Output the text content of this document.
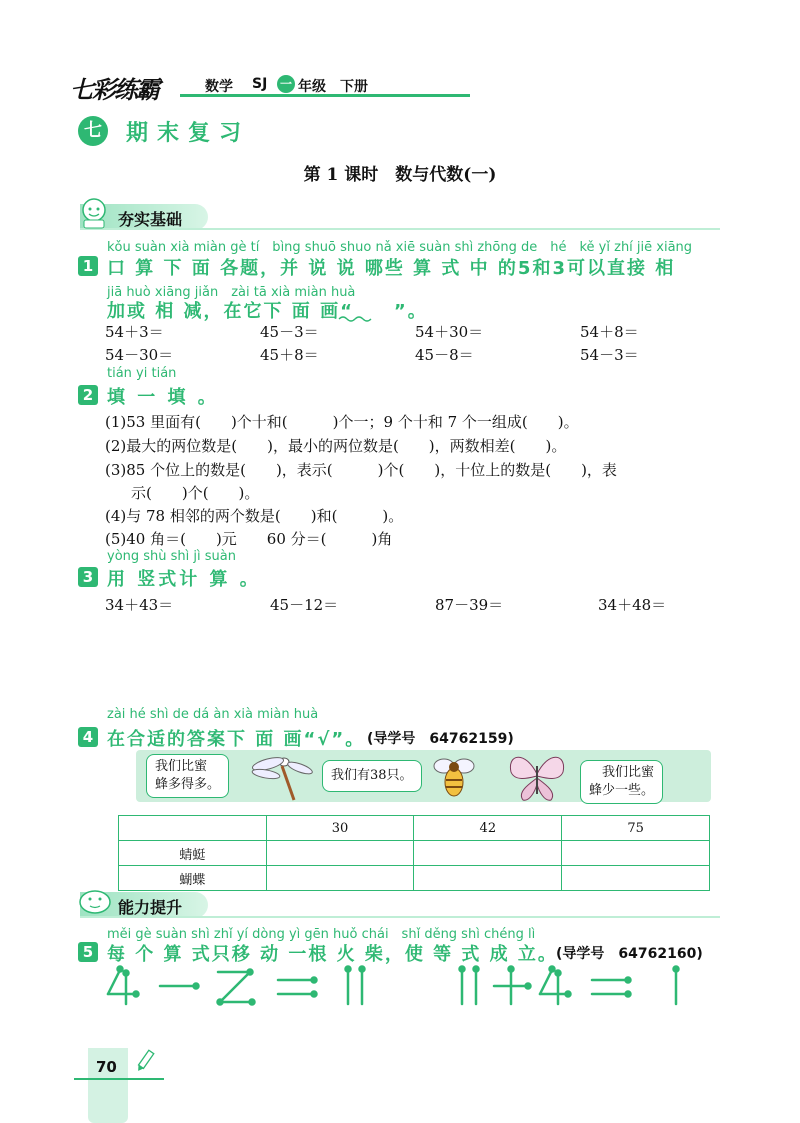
七彩练霸	数学 SJ 一 年级 下册
七 期末复习
第 1 课时　数与代数(一)
夯实基础
kǒu suàn xià miàn gè tí　bìng shuō shuo nǎ xiē suàn shì zhōng de　hé　kě yǐ zhí jiē xiāng
1 口 算 下 面 各题，并 说 说 哪些 算 式 中 的5和3可以直接 相
jiā huò xiāng jiǎn　zài tā xià miàn huà
加或 相 减，在它下 面 画“　　”。
54＋3＝	45－3＝	54＋30＝	54＋8＝
54－30＝	45＋8＝	45－8＝	54－3＝
tián yi tián
2 填 一 填 。
(1)53 里面有(　　)个十和(　　　)个一；9 个十和 7 个一组成(　　)。
(2)最大的两位数是(　　)，最小的两位数是(　　)，两数相差(　　)。
(3)85 个位上的数是(　　)，表示(　　　)个(　　)，十位上的数是(　　)，表
示(　　)个(　　)。
(4)与 78 相邻的两个数是(　　)和(　　　)。
(5)40 角＝(　　)元　　60 分＝(　　　)角
yòng shù shì jì suàn
3 用 竖式计 算 。
34＋43＝	45－12＝	87－39＝	34＋48＝
zài hé shì de dá àn xià miàn huà
4 在合适的答案下 面 画“√”。 (导学号　64762159)
我们比蜜
蜂多得多。
我们有38只。	我们比蜜
蜂少一些。
	30	42	75
蜻蜓			
蝴蝶			
能力提升
měi gè suàn shì zhǐ yí dòng yì gēn huǒ chái　shǐ děng shì chéng lì
5 每 个 算 式只移 动 一根 火 柴，使 等 式 成 立。
(导学号　64762160)
70
